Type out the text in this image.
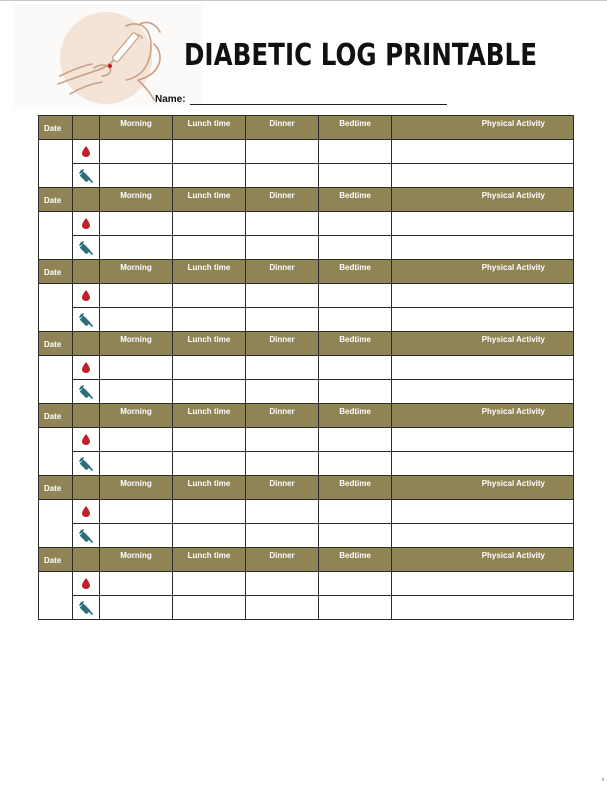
DIABETIC LOG PRINTABLE
Name:
Date		Morning	Lunch time	Dinner	Bedtime	Physical Activity

Date		Morning	Lunch time	Dinner	Bedtime	Physical Activity

Date		Morning	Lunch time	Dinner	Bedtime	Physical Activity

Date		Morning	Lunch time	Dinner	Bedtime	Physical Activity

Date		Morning	Lunch time	Dinner	Bedtime	Physical Activity

Date		Morning	Lunch time	Dinner	Bedtime	Physical Activity

Date		Morning	Lunch time	Dinner	Bedtime	Physical Activity
